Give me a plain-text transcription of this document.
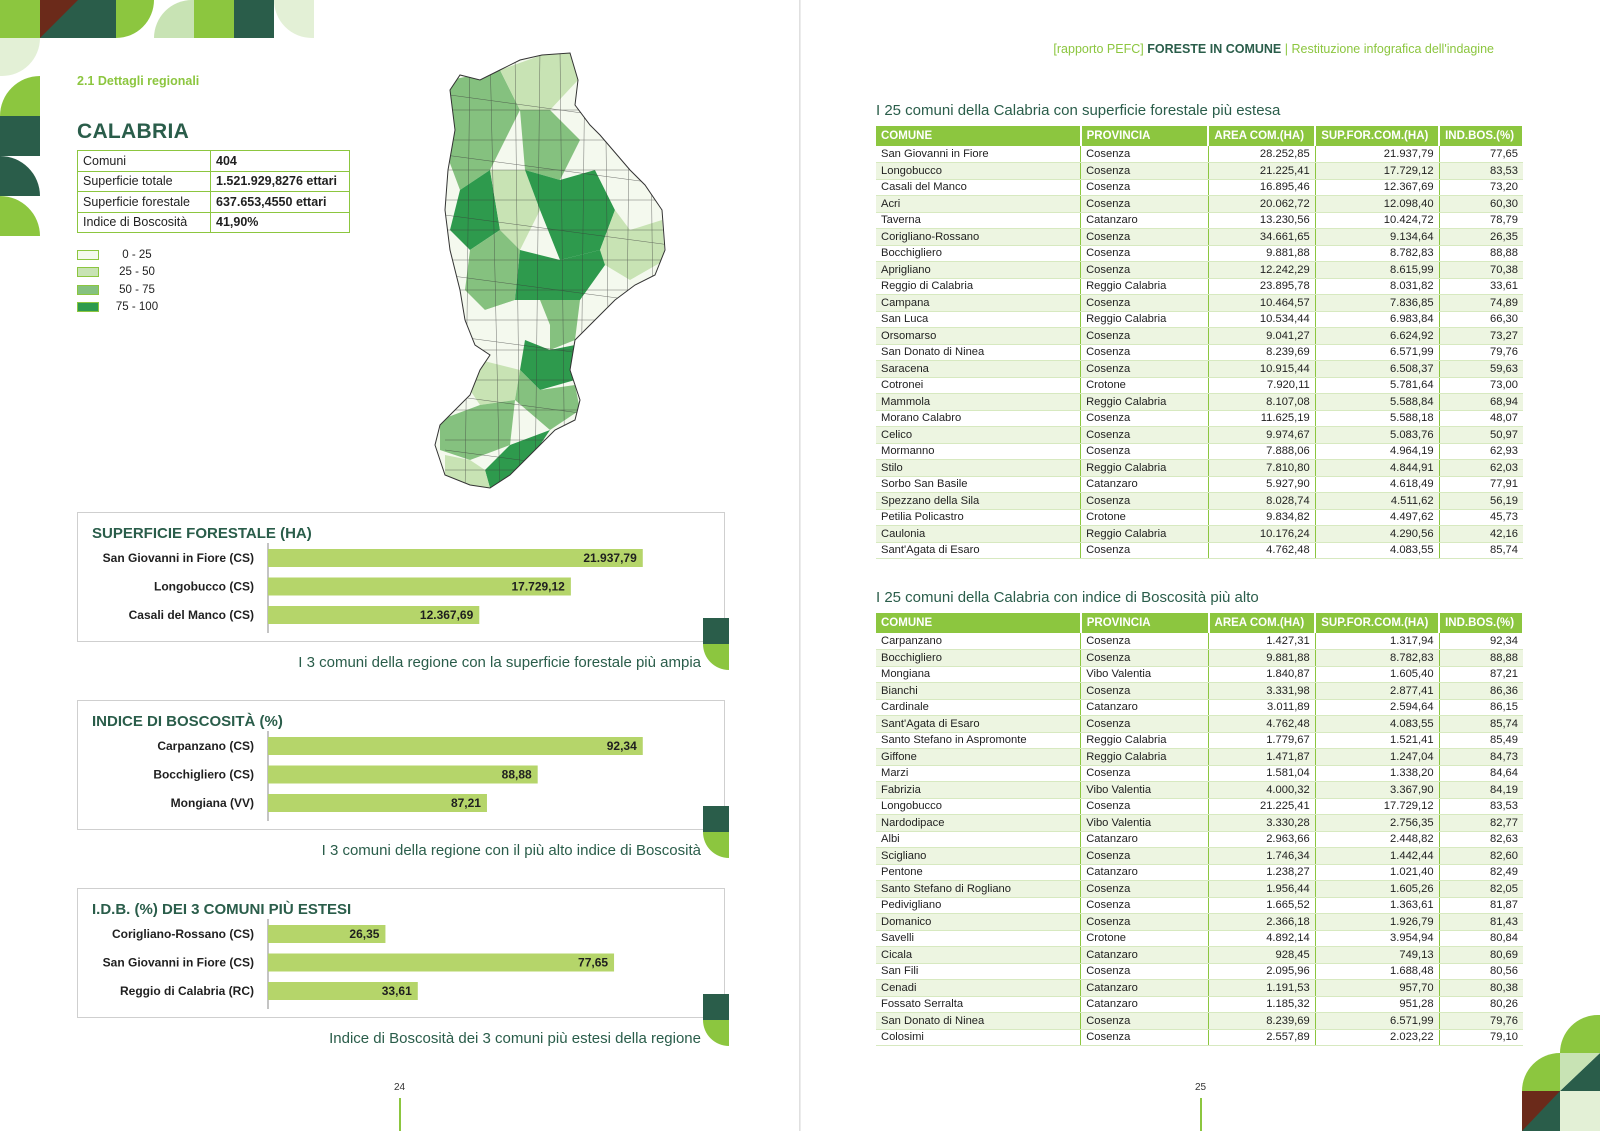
2.1 Dettagli regionali
CALABRIA
Comuni	404
Superficie totale	1.521.929,8276 ettari
Superficie forestale	637.653,4550 ettari
Indice di Boscosità	41,90%
0 - 25
25 - 50
50 - 75
75 - 100
SUPERFICIE FORESTALE (HA)
San Giovanni in Fiore (CS)	21.937,79
Longobucco (CS)	17.729,12
Casali del Manco (CS)	12.367,69
I 3 comuni della regione con la superficie forestale più ampia
INDICE DI BOSCOSITÀ (%)
Carpanzano (CS)	92,34
Bocchigliero (CS)	88,88
Mongiana (VV)	87,21
I 3 comuni della regione con il più alto indice di Boscosità
I.D.B. (%) DEI 3 COMUNI PIÙ ESTESI
Corigliano-Rossano (CS)	26,35
San Giovanni in Fiore (CS)	77,65
Reggio di Calabria (RC)	33,61
Indice di Boscosità dei 3 comuni più estesi della regione
24
[rapporto PEFC] FORESTE IN COMUNE | Restituzione infografica dell'indagine
I 25 comuni della Calabria con superficie forestale più estesa
COMUNE	PROVINCIA	AREA COM.(HA)	SUP.FOR.COM.(HA)	IND.BOS.(%)
San Giovanni in Fiore	Cosenza	28.252,85	21.937,79	77,65
Longobucco	Cosenza	21.225,41	17.729,12	83,53
Casali del Manco	Cosenza	16.895,46	12.367,69	73,20
Acri	Cosenza	20.062,72	12.098,40	60,30
Taverna	Catanzaro	13.230,56	10.424,72	78,79
Corigliano-Rossano	Cosenza	34.661,65	9.134,64	26,35
Bocchigliero	Cosenza	9.881,88	8.782,83	88,88
Aprigliano	Cosenza	12.242,29	8.615,99	70,38
Reggio di Calabria	Reggio Calabria	23.895,78	8.031,82	33,61
Campana	Cosenza	10.464,57	7.836,85	74,89
San Luca	Reggio Calabria	10.534,44	6.983,84	66,30
Orsomarso	Cosenza	9.041,27	6.624,92	73,27
San Donato di Ninea	Cosenza	8.239,69	6.571,99	79,76
Saracena	Cosenza	10.915,44	6.508,37	59,63
Cotronei	Crotone	7.920,11	5.781,64	73,00
Mammola	Reggio Calabria	8.107,08	5.588,84	68,94
Morano Calabro	Cosenza	11.625,19	5.588,18	48,07
Celico	Cosenza	9.974,67	5.083,76	50,97
Mormanno	Cosenza	7.888,06	4.964,19	62,93
Stilo	Reggio Calabria	7.810,80	4.844,91	62,03
Sorbo San Basile	Catanzaro	5.927,90	4.618,49	77,91
Spezzano della Sila	Cosenza	8.028,74	4.511,62	56,19
Petilia Policastro	Crotone	9.834,82	4.497,62	45,73
Caulonia	Reggio Calabria	10.176,24	4.290,56	42,16
Sant'Agata di Esaro	Cosenza	4.762,48	4.083,55	85,74
I 25 comuni della Calabria con indice di Boscosità più alto
COMUNE	PROVINCIA	AREA COM.(HA)	SUP.FOR.COM.(HA)	IND.BOS.(%)
Carpanzano	Cosenza	1.427,31	1.317,94	92,34
Bocchigliero	Cosenza	9.881,88	8.782,83	88,88
Mongiana	Vibo Valentia	1.840,87	1.605,40	87,21
Bianchi	Cosenza	3.331,98	2.877,41	86,36
Cardinale	Catanzaro	3.011,89	2.594,64	86,15
Sant'Agata di Esaro	Cosenza	4.762,48	4.083,55	85,74
Santo Stefano in Aspromonte	Reggio Calabria	1.779,67	1.521,41	85,49
Giffone	Reggio Calabria	1.471,87	1.247,04	84,73
Marzi	Cosenza	1.581,04	1.338,20	84,64
Fabrizia	Vibo Valentia	4.000,32	3.367,90	84,19
Longobucco	Cosenza	21.225,41	17.729,12	83,53
Nardodipace	Vibo Valentia	3.330,28	2.756,35	82,77
Albi	Catanzaro	2.963,66	2.448,82	82,63
Scigliano	Cosenza	1.746,34	1.442,44	82,60
Pentone	Catanzaro	1.238,27	1.021,40	82,49
Santo Stefano di Rogliano	Cosenza	1.956,44	1.605,26	82,05
Pedivigliano	Cosenza	1.665,52	1.363,61	81,87
Domanico	Cosenza	2.366,18	1.926,79	81,43
Savelli	Crotone	4.892,14	3.954,94	80,84
Cicala	Catanzaro	928,45	749,13	80,69
San Fili	Cosenza	2.095,96	1.688,48	80,56
Cenadi	Catanzaro	1.191,53	957,70	80,38
Fossato Serralta	Catanzaro	1.185,32	951,28	80,26
San Donato di Ninea	Cosenza	8.239,69	6.571,99	79,76
Colosimi	Cosenza	2.557,89	2.023,22	79,10
25
